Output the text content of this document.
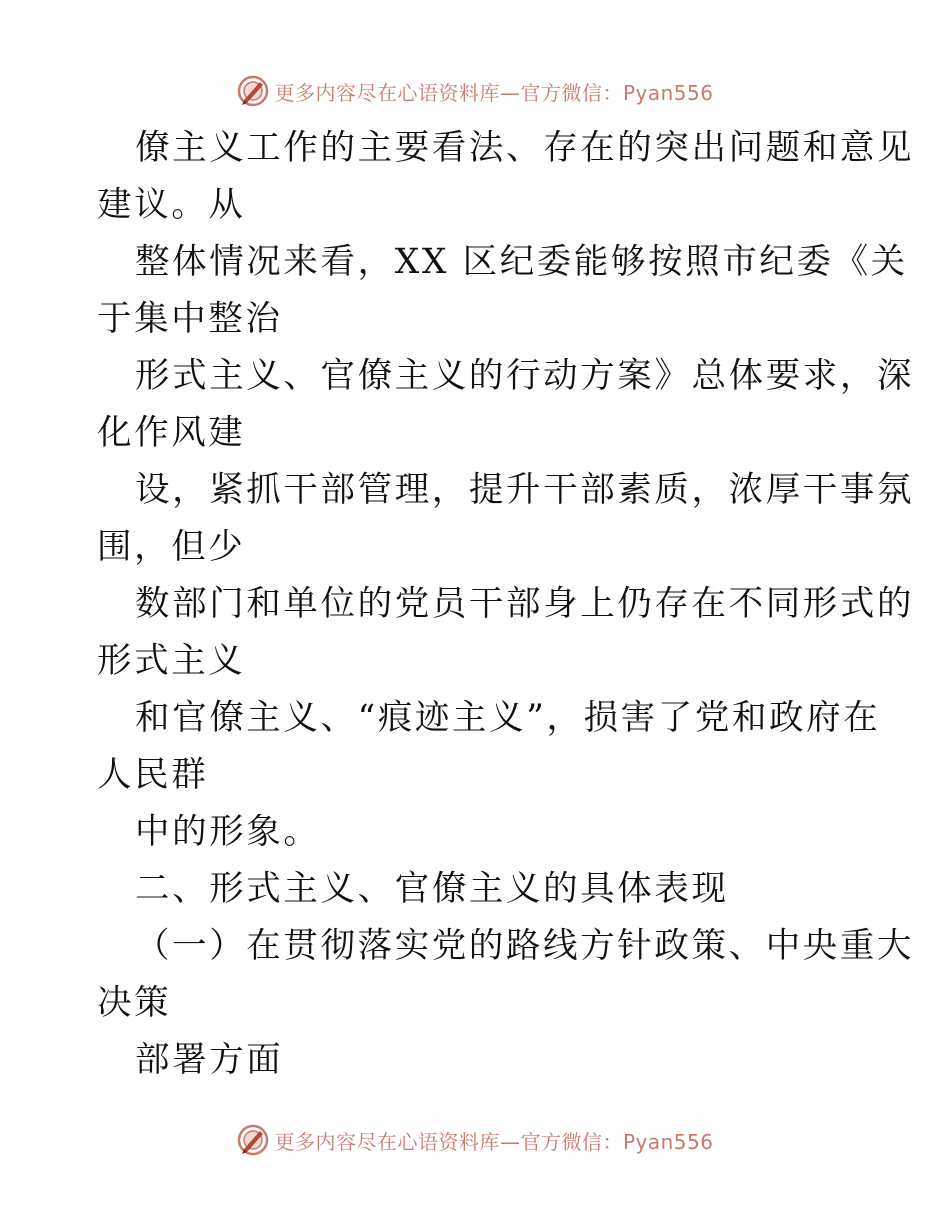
更多内容尽在心语资料库—官方微信：Pyan556
僚主义工作的主要看法、存在的突出问题和意见
建议。从
整体情况来看，XX 区纪委能够按照市纪委《关
于集中整治
形式主义、官僚主义的行动方案》总体要求，深
化作风建
设，紧抓干部管理，提升干部素质，浓厚干事氛
围，但少
数部门和单位的党员干部身上仍存在不同形式的
形式主义
和官僚主义、“痕迹主义”，损害了党和政府在
人民群
中的形象。
二、形式主义、官僚主义的具体表现
（一）在贯彻落实党的路线方针政策、中央重大
决策
部署方面
更多内容尽在心语资料库—官方微信：Pyan556
